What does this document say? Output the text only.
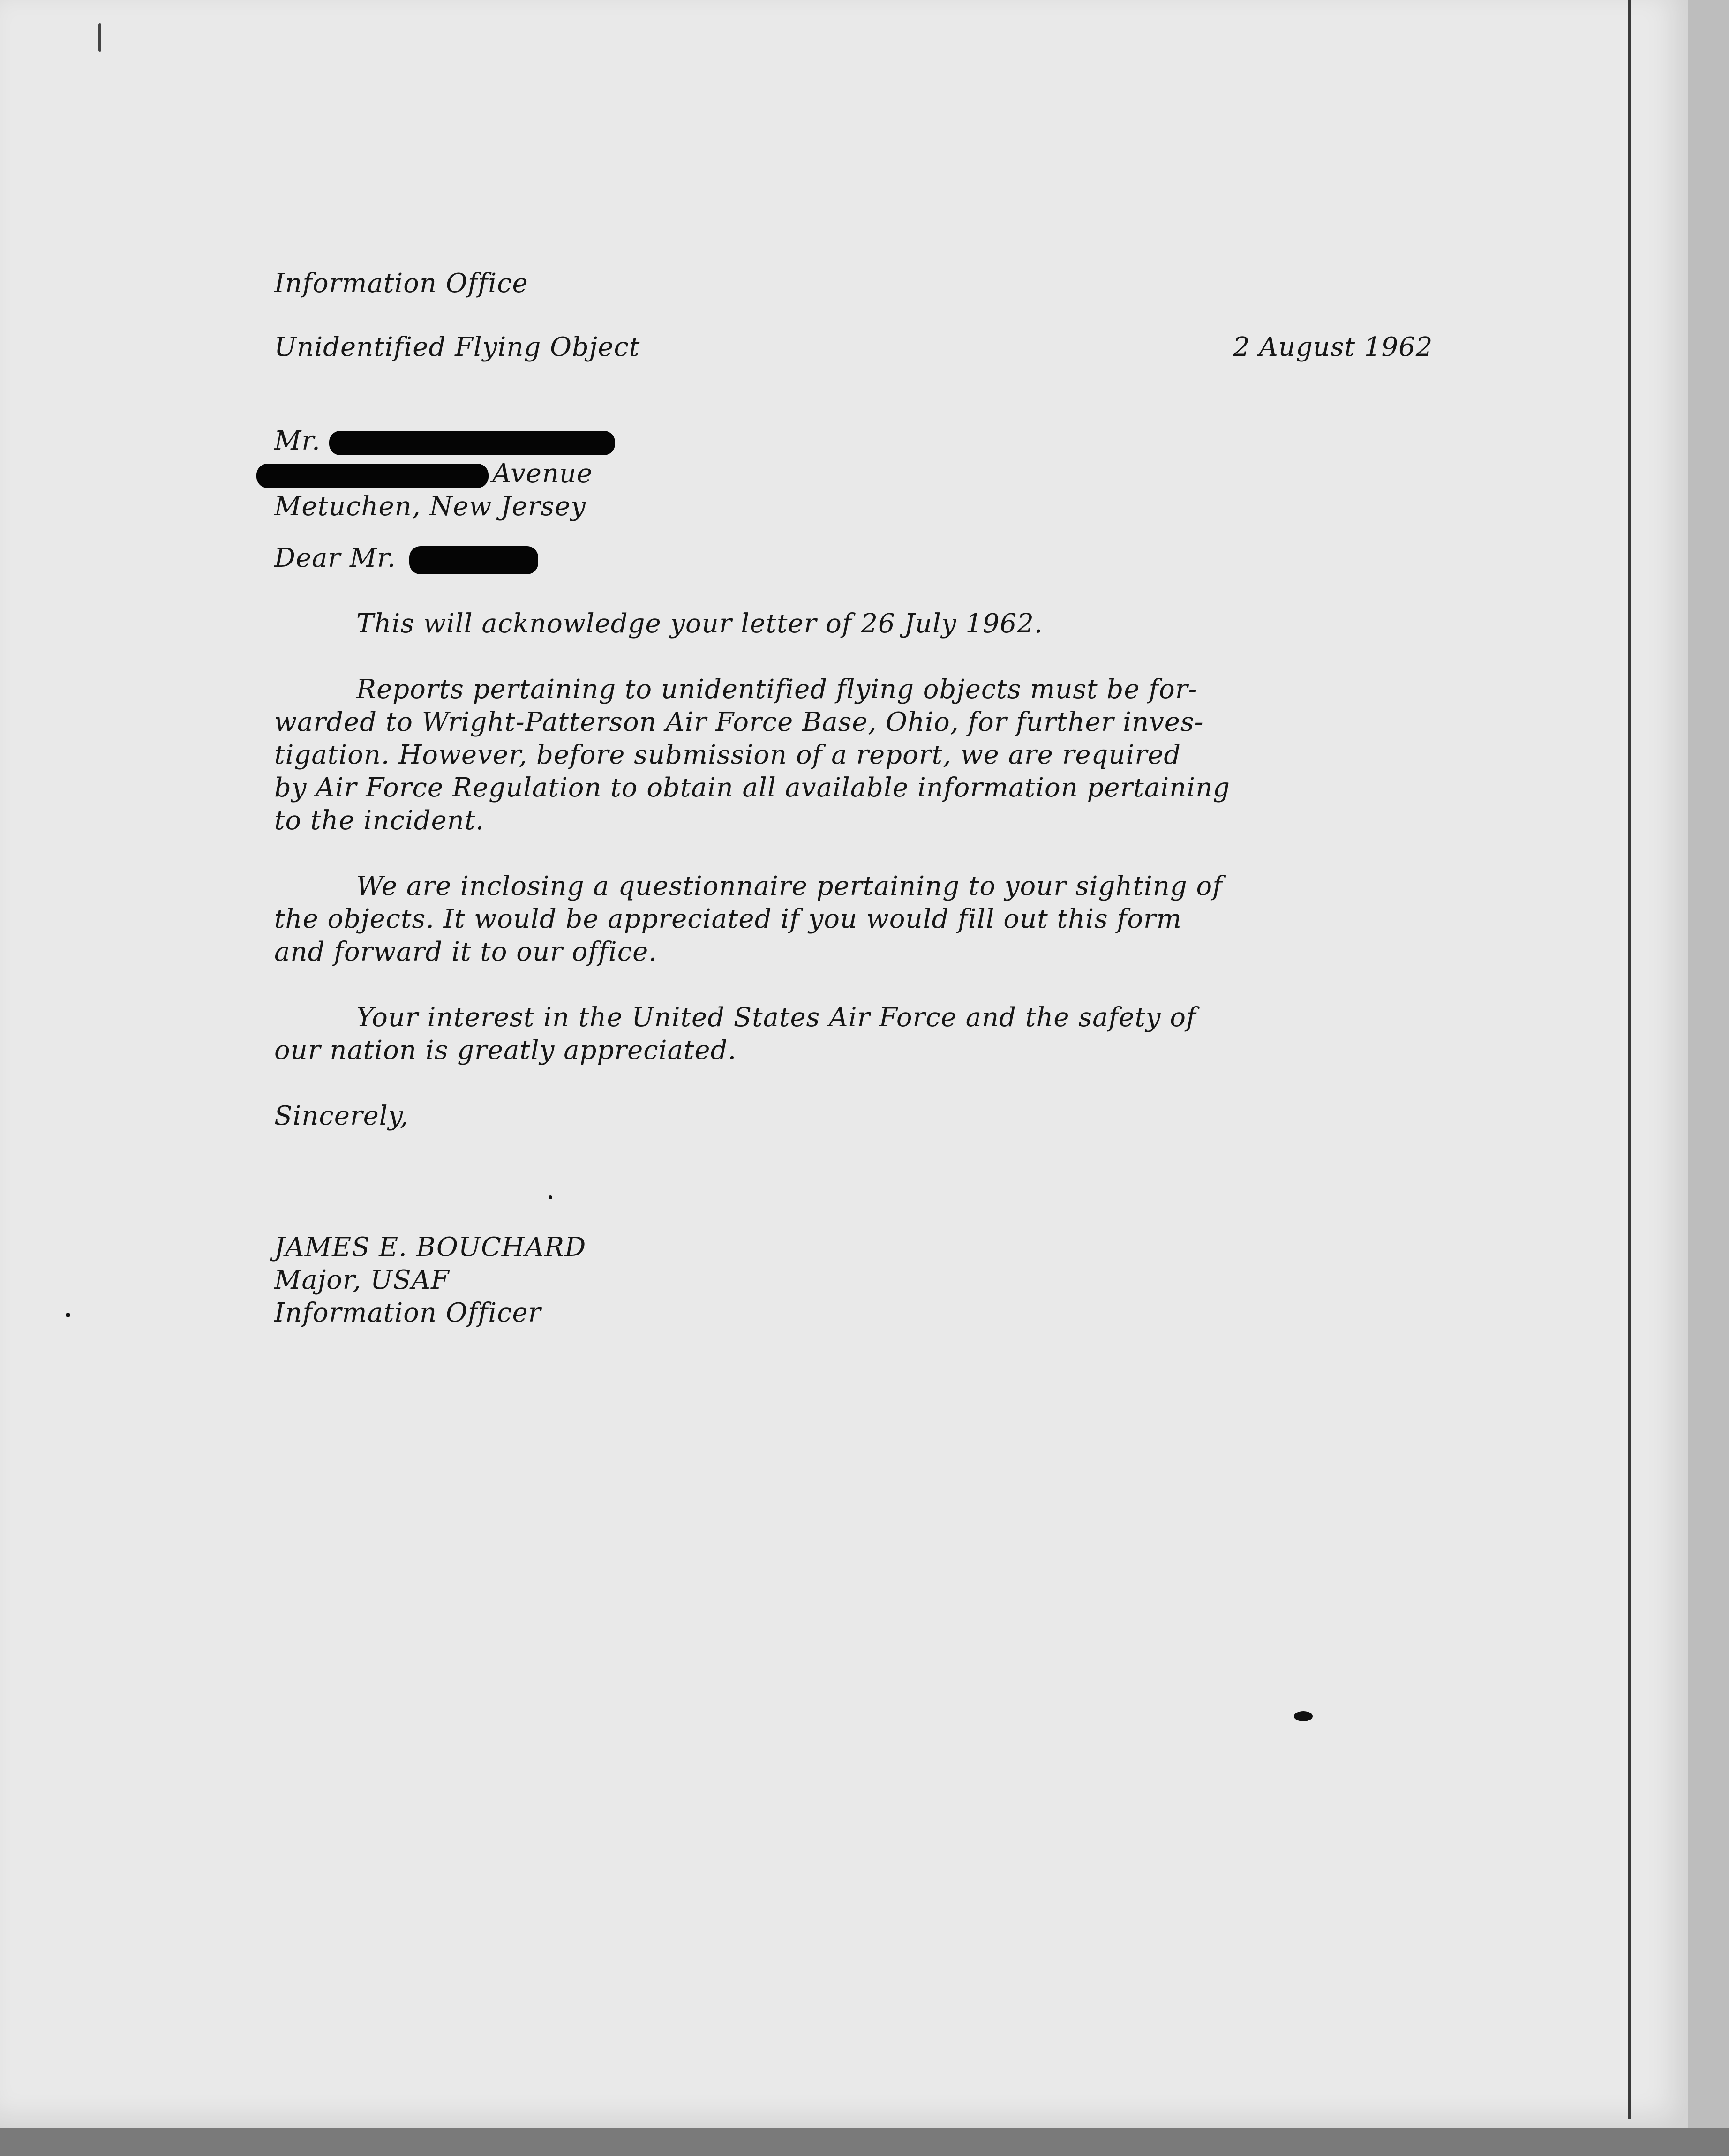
Information Office
Unidentified Flying Object	2 August 1962
Mr.
Avenue
Metuchen, New Jersey
Dear Mr.
This will acknowledge your letter of 26 July 1962.
Reports pertaining to unidentified flying objects must be for-
warded to Wright-Patterson Air Force Base, Ohio, for further inves-
tigation. However, before submission of a report, we are required
by Air Force Regulation to obtain all available information pertaining
to the incident.
We are inclosing a questionnaire pertaining to your sighting of
the objects. It would be appreciated if you would fill out this form
and forward it to our office.
Your interest in the United States Air Force and the safety of
our nation is greatly appreciated.
Sincerely,
JAMES E. BOUCHARD
Major, USAF
Information Officer
